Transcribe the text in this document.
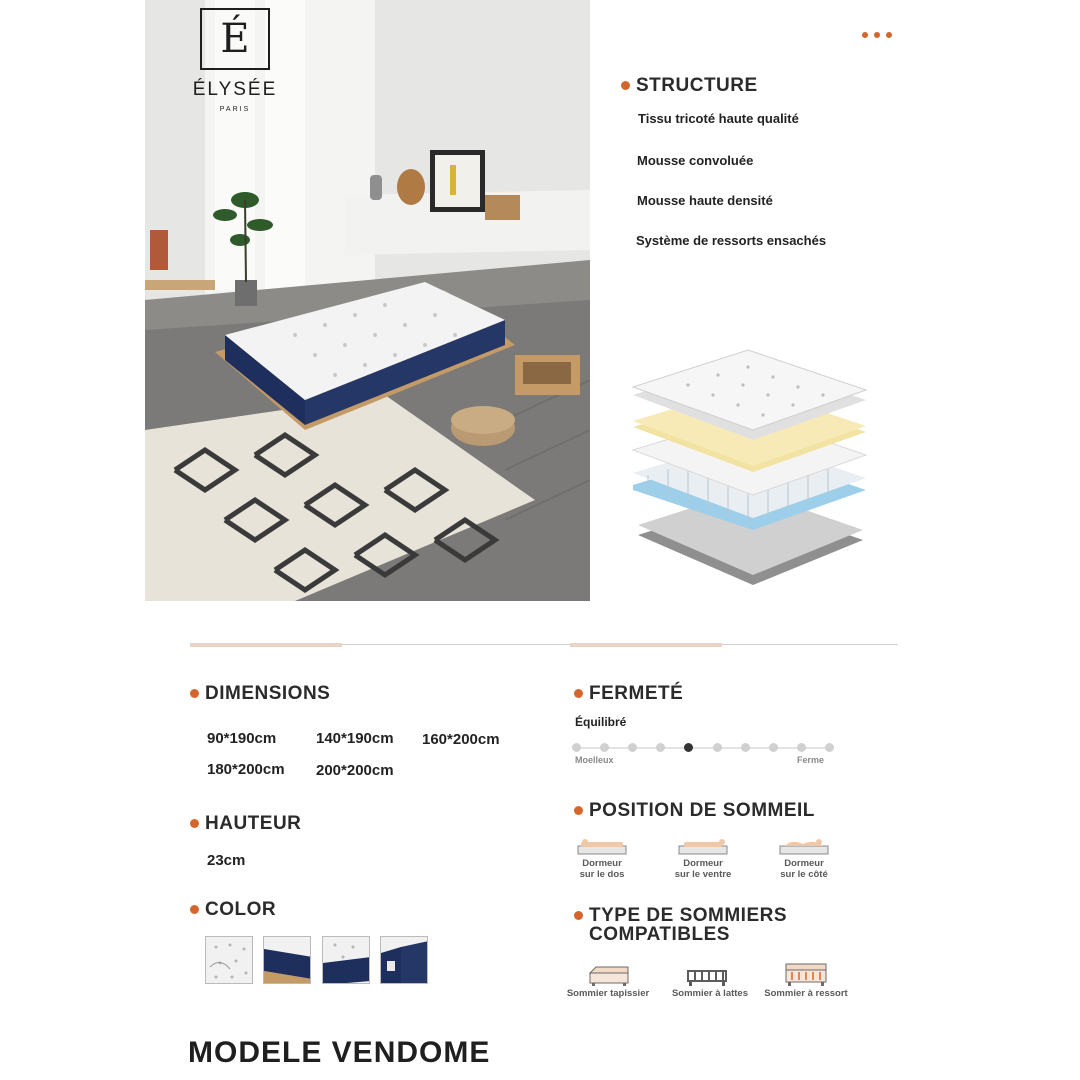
É
ÉLYSÉE
PARIS
STRUCTURE
Tissu tricoté haute qualité
Mousse convoluée
Mousse haute densité
Système de ressorts ensachés
DIMENSIONS
90*190cm	140*190cm 160*200cm
180*200cm 200*200cm
HAUTEUR
23cm
COLOR
FERMETÉ
Équilibré
Moelleux	Ferme
POSITION DE SOMMEIL
Dormeur
sur le dos
Dormeur
sur le ventre
Dormeur
sur le côté
TYPE DE SOMMIERS
COMPATIBLES
Sommier tapissier	Sommier à lattes	Sommier à ressort
MODELE VENDOME
